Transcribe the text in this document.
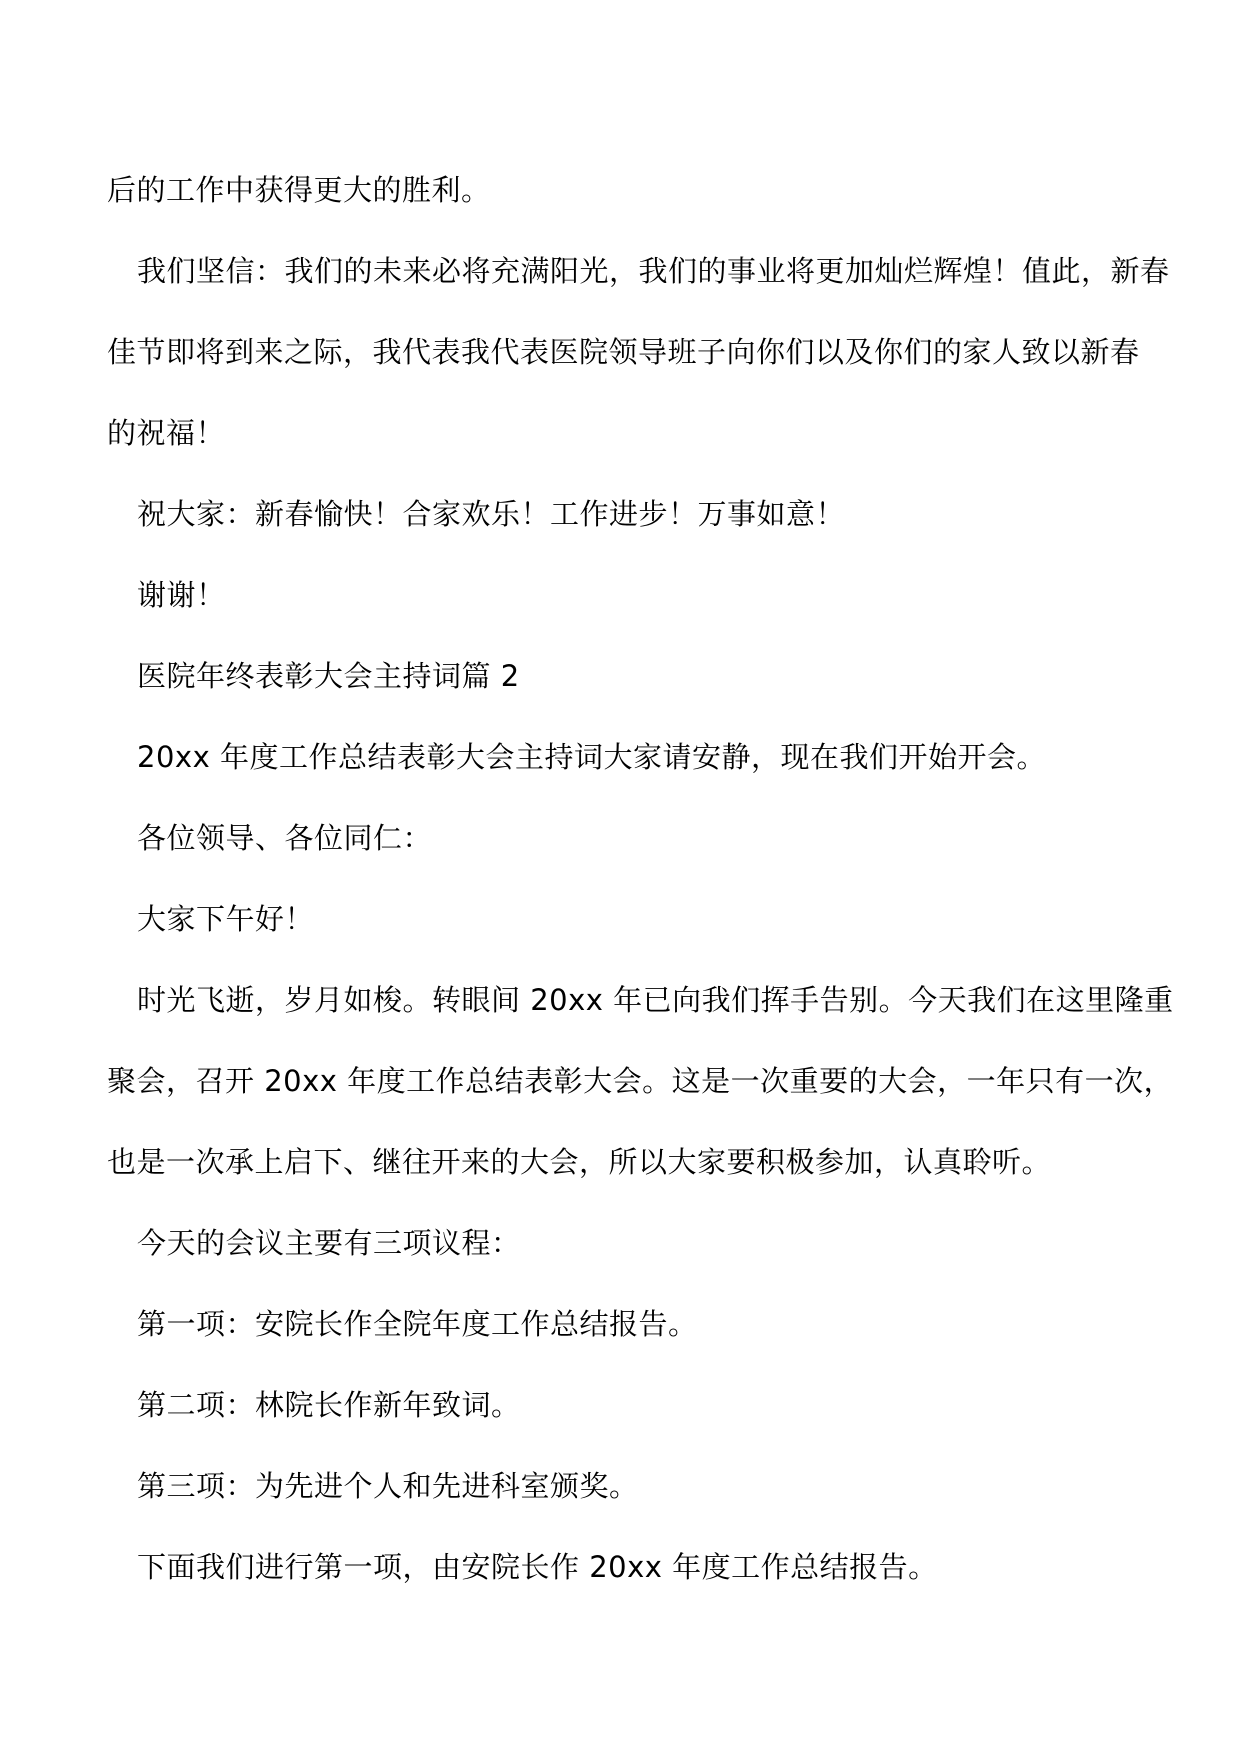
后的工作中获得更大的胜利。
我们坚信：我们的未来必将充满阳光，我们的事业将更加灿烂辉煌！值此，新春
佳节即将到来之际，我代表我代表医院领导班子向你们以及你们的家人致以新春
的祝福！
祝大家：新春愉快！合家欢乐！工作进步！万事如意！
谢谢！
医院年终表彰大会主持词篇 2
20xx 年度工作总结表彰大会主持词大家请安静，现在我们开始开会。
各位领导、各位同仁：
大家下午好！
时光飞逝，岁月如梭。转眼间 20xx 年已向我们挥手告别。今天我们在这里隆重
聚会，召开 20xx 年度工作总结表彰大会。这是一次重要的大会，一年只有一次，
也是一次承上启下、继往开来的大会，所以大家要积极参加，认真聆听。
今天的会议主要有三项议程：
第一项：安院长作全院年度工作总结报告。
第二项：林院长作新年致词。
第三项：为先进个人和先进科室颁奖。
下面我们进行第一项，由安院长作 20xx 年度工作总结报告。
